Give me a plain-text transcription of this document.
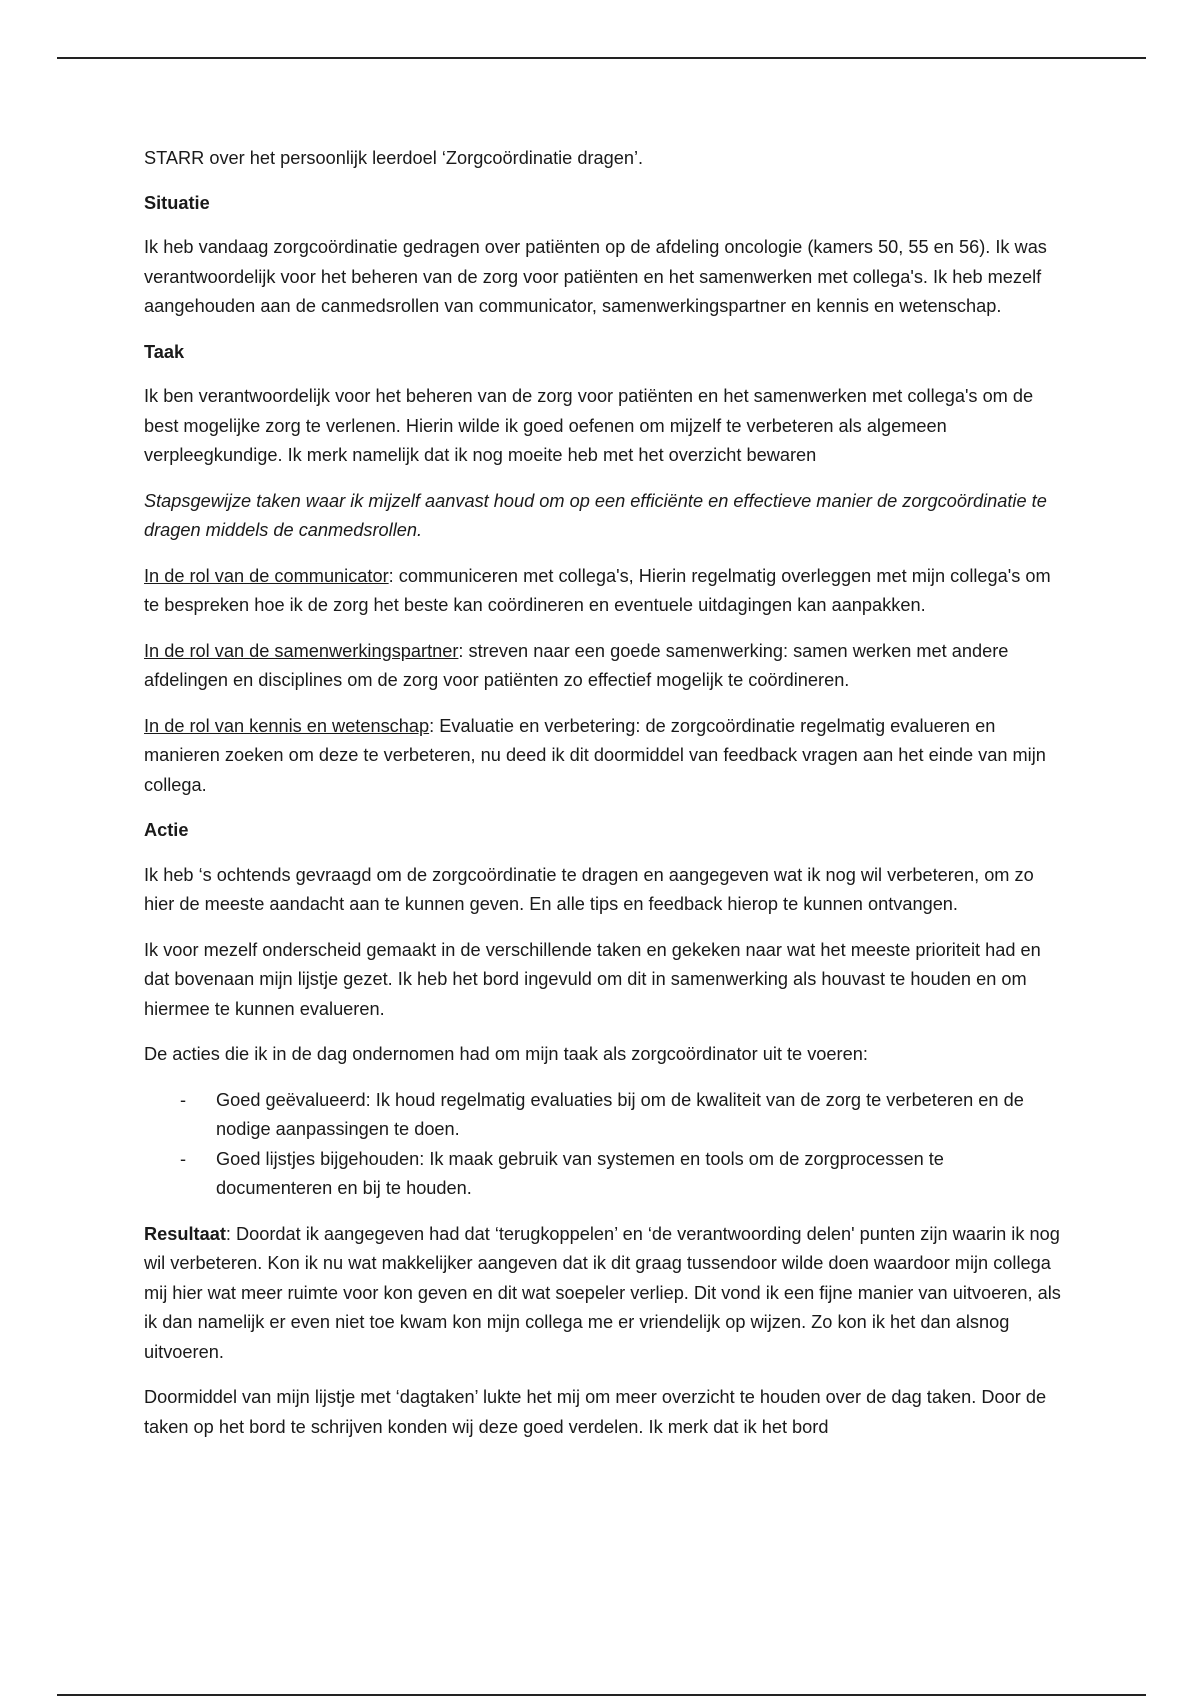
STARR over het persoonlijk leerdoel ‘Zorgcoördinatie dragen’.

Situatie

Ik heb vandaag zorgcoördinatie gedragen over patiënten op de afdeling oncologie (kamers 50, 55 en 56). Ik was verantwoordelijk voor het beheren van de zorg voor patiënten en het samenwerken met collega's. Ik heb mezelf aangehouden aan de canmedsrollen van communicator, samenwerkingspartner en kennis en wetenschap.

Taak

Ik ben verantwoordelijk voor het beheren van de zorg voor patiënten en het samenwerken met collega's om de best mogelijke zorg te verlenen. Hierin wilde ik goed oefenen om mijzelf te verbeteren als algemeen verpleegkundige. Ik merk namelijk dat ik nog moeite heb met het overzicht bewaren

Stapsgewijze taken waar ik mijzelf aanvast houd om op een efficiënte en effectieve manier de zorgcoördinatie te dragen middels de canmedsrollen.

In de rol van de communicator: communiceren met collega's, Hierin regelmatig overleggen met mijn collega's om te bespreken hoe ik de zorg het beste kan coördineren en eventuele uitdagingen kan aanpakken.

In de rol van de samenwerkingspartner: streven naar een goede samenwerking: samen werken met andere afdelingen en disciplines om de zorg voor patiënten zo effectief mogelijk te coördineren.

In de rol van kennis en wetenschap: Evaluatie en verbetering: de zorgcoördinatie regelmatig evalueren en manieren zoeken om deze te verbeteren, nu deed ik dit doormiddel van feedback vragen aan het einde van mijn collega.

Actie

Ik heb ‘s ochtends gevraagd om de zorgcoördinatie te dragen en aangegeven wat ik nog wil verbeteren, om zo hier de meeste aandacht aan te kunnen geven. En alle tips en feedback hierop te kunnen ontvangen.

Ik voor mezelf onderscheid gemaakt in de verschillende taken en gekeken naar wat het meeste prioriteit had en dat bovenaan mijn lijstje gezet. Ik heb het bord ingevuld om dit in samenwerking als houvast te houden en om hiermee te kunnen evalueren.

De acties die ik in de dag ondernomen had om mijn taak als zorgcoördinator uit te voeren:

- Goed geëvalueerd: Ik houd regelmatig evaluaties bij om de kwaliteit van de zorg te verbeteren en de nodige aanpassingen te doen.
- Goed lijstjes bijgehouden: Ik maak gebruik van systemen en tools om de zorgprocessen te documenteren en bij te houden.

Resultaat: Doordat ik aangegeven had dat ‘terugkoppelen’ en ‘de verantwoording delen' punten zijn waarin ik nog wil verbeteren. Kon ik nu wat makkelijker aangeven dat ik dit graag tussendoor wilde doen waardoor mijn collega mij hier wat meer ruimte voor kon geven en dit wat soepeler verliep. Dit vond ik een fijne manier van uitvoeren, als ik dan namelijk er even niet toe kwam kon mijn collega me er vriendelijk op wijzen. Zo kon ik het dan alsnog uitvoeren.

Doormiddel van mijn lijstje met ‘dagtaken’ lukte het mij om meer overzicht te houden over de dag taken. Door de taken op het bord te schrijven konden wij deze goed verdelen. Ik merk dat ik het bord
